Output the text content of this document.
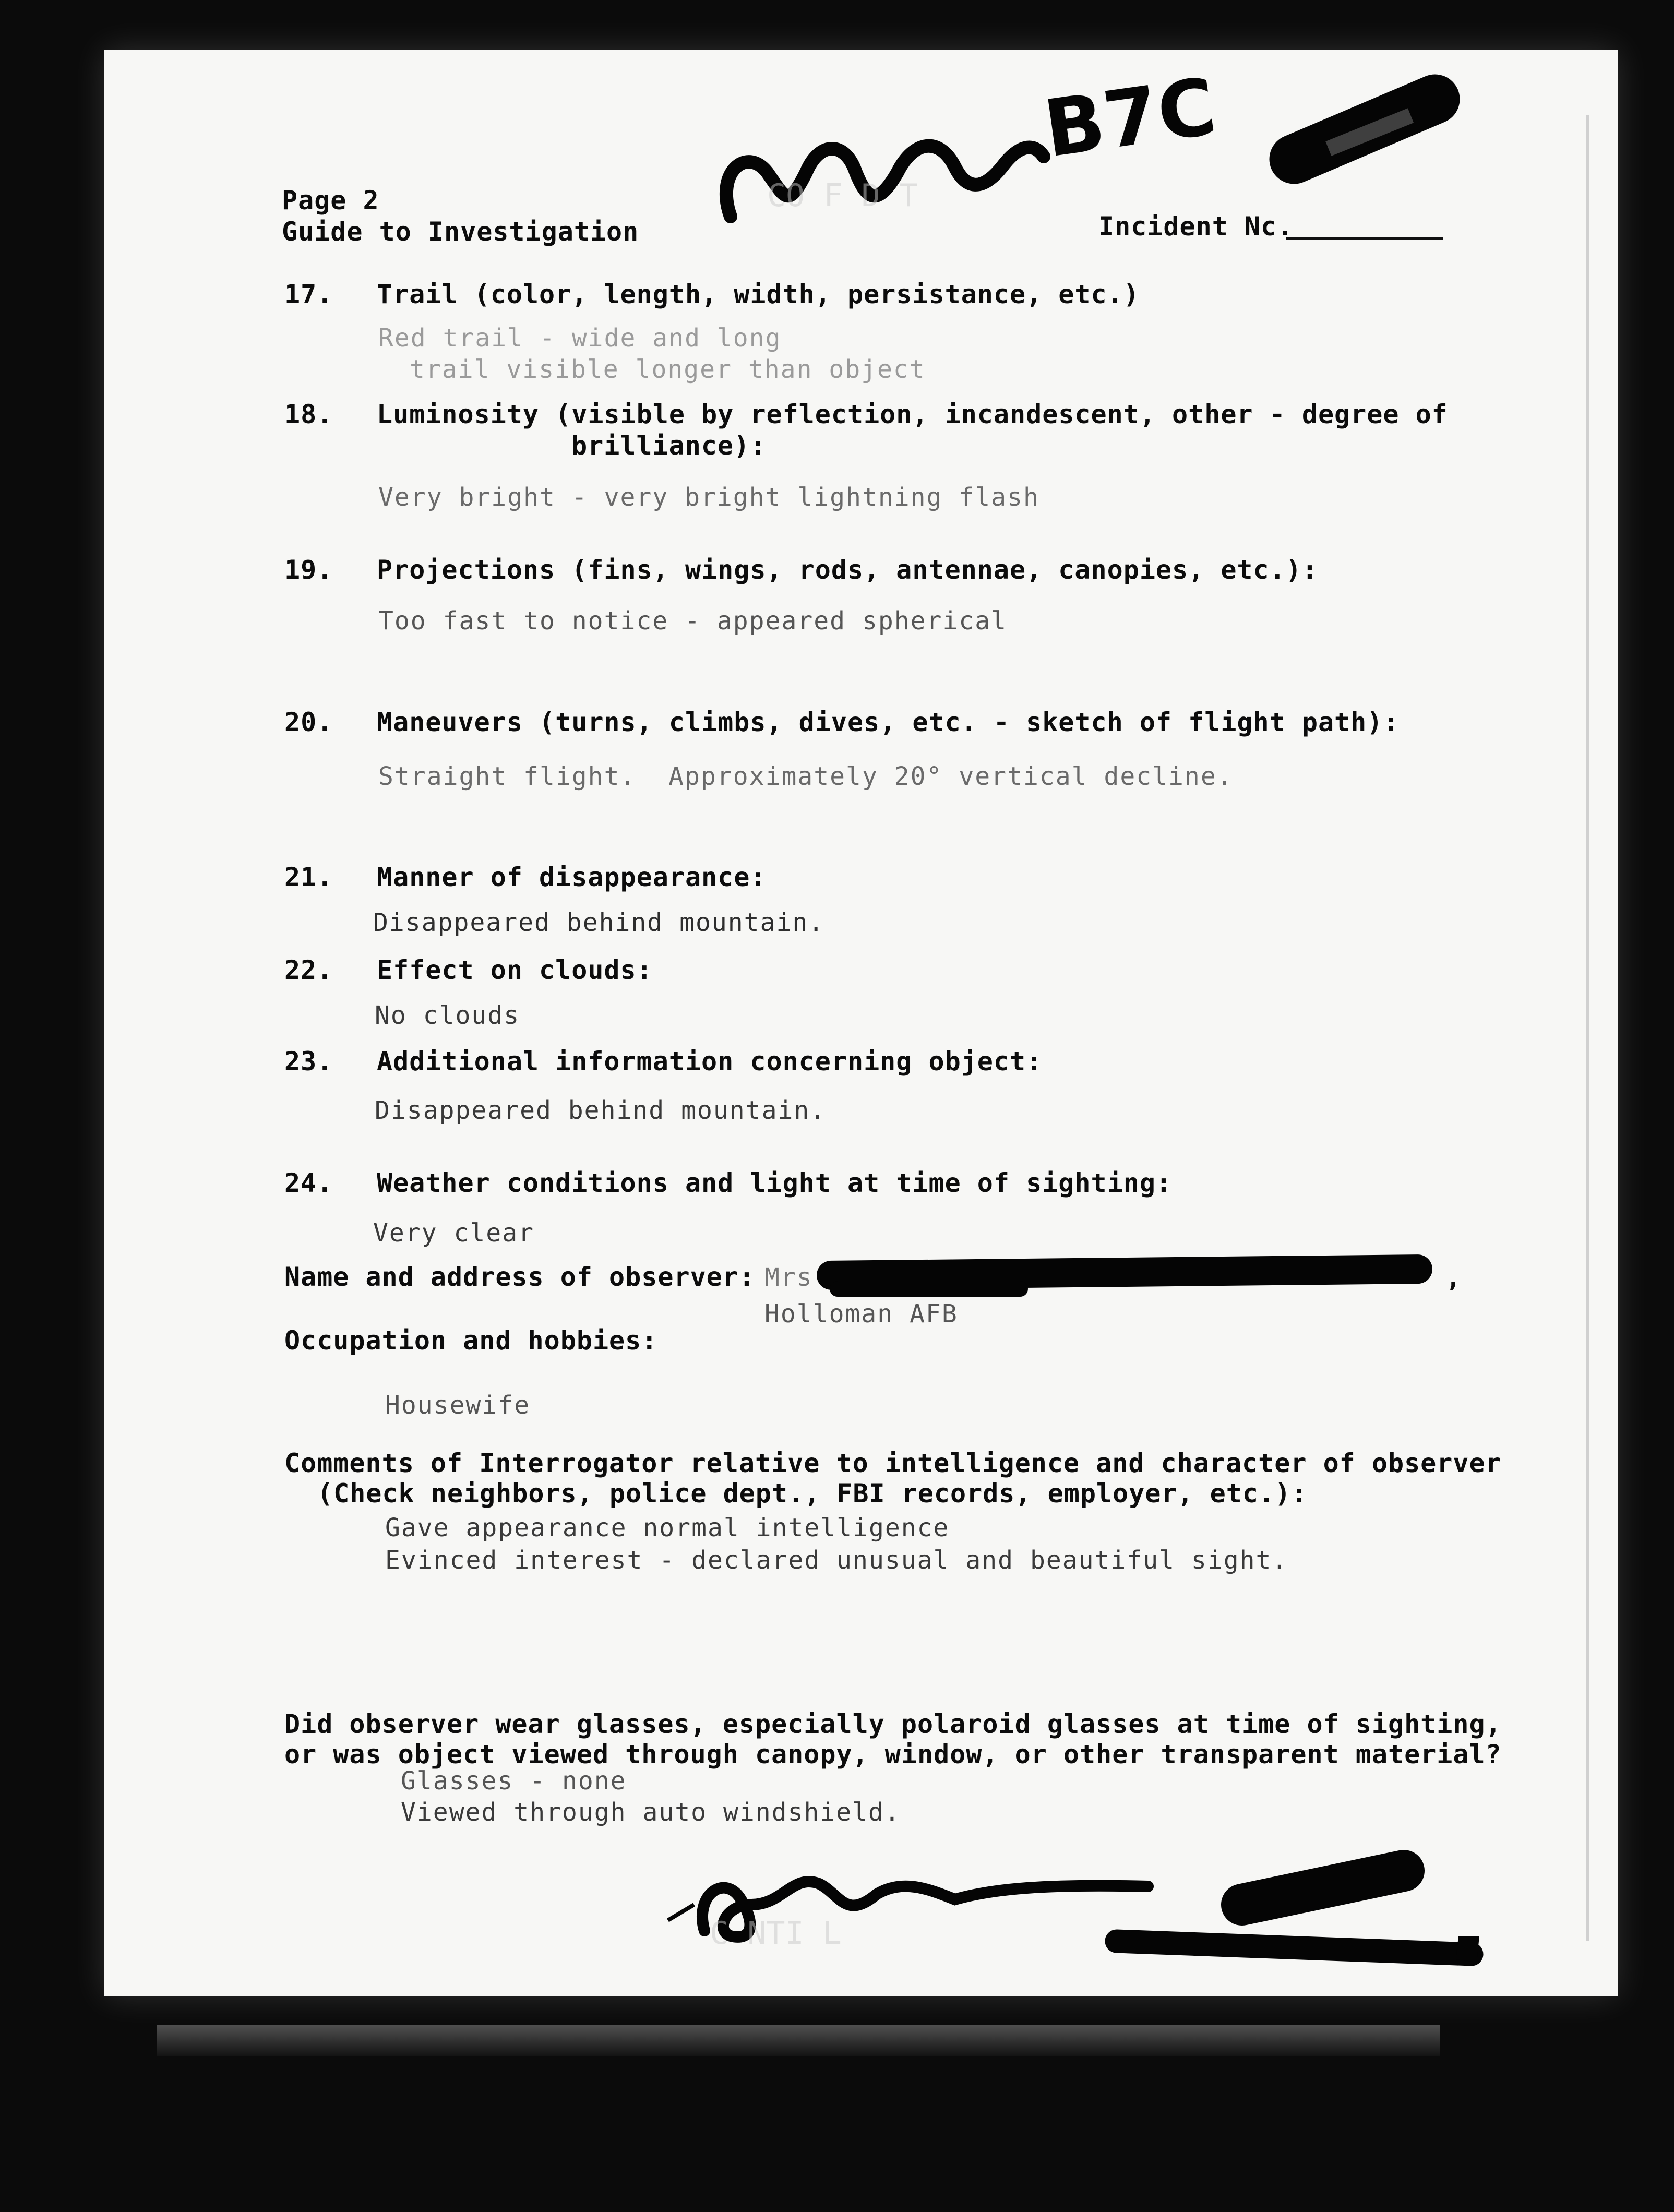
Page 2
Guide to Investigation	Incident Nc.
17. Trail (color, length, width, persistance, etc.)
Red trail - wide and long
trail visible longer than object
18. Luminosity (visible by reflection, incandescent, other - degree of
brilliance):
Very bright - very bright lightning flash
19. Projections (fins, wings, rods, antennae, canopies, etc.):
Too fast to notice - appeared spherical
20. Maneuvers (turns, climbs, dives, etc. - sketch of flight path):
Straight flight.  Approximately 20° vertical decline.
21. Manner of disappearance:
Disappeared behind mountain.
22. Effect on clouds:
No clouds
23. Additional information concerning object:
Disappeared behind mountain.
24. Weather conditions and light at time of sighting:
Very clear
Name and address of observer: Mrs	,
Holloman AFB
Occupation and hobbies:
Housewife
Comments of Interrogator relative to intelligence and character of observer
(Check neighbors, police dept., FBI records, employer, etc.):
Gave appearance normal intelligence
Evinced interest - declared unusual and beautiful sight.
Did observer wear glasses, especially polaroid glasses at time of sighting,
or was object viewed through canopy, window, or other transparent material?
Glasses - none
Viewed through auto windshield.
B7C
C NTI L
CO F D T
